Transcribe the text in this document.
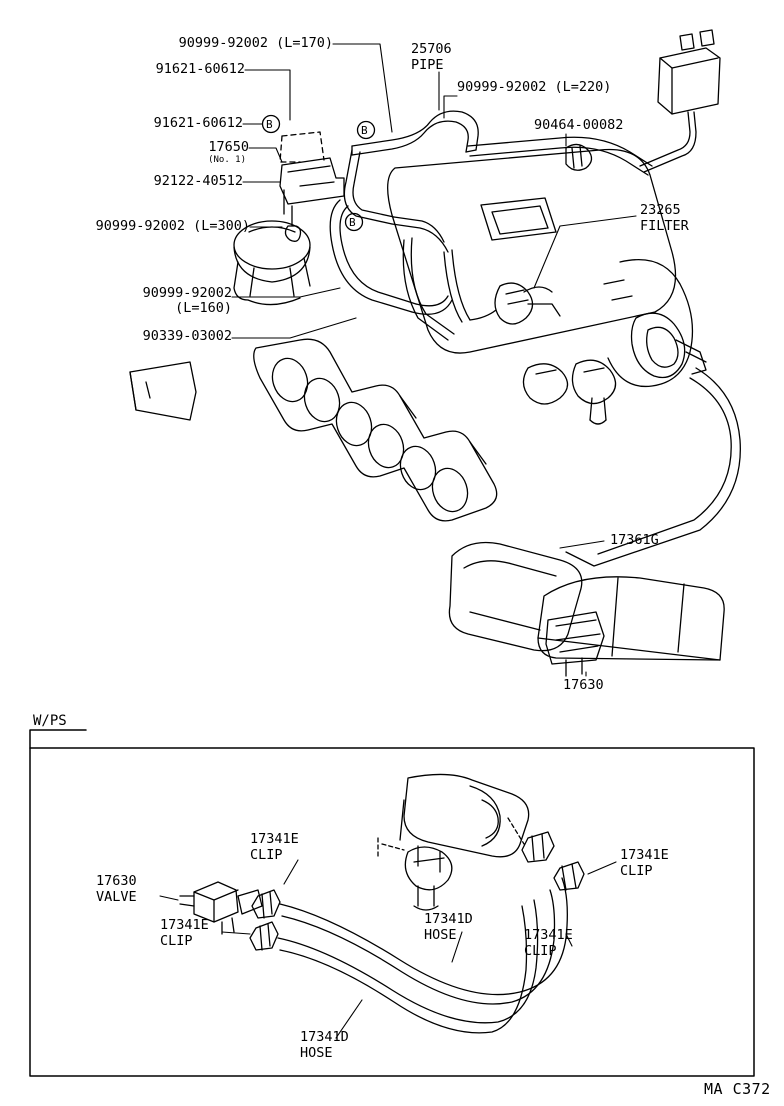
90999-92002 (L=170)
91621-60612
91621-60612
17650
(No. 1)
92122-40512
90999-92002 (L=300)
90999-92002
(L=160)
90339-03002
25706
PIPE
90999-92002 (L=220)
90464-00082
23265
FILTER
17361G
17630
B	B
B
W/PS
17341E
CLIP
17630
VALVE
17341E
CLIP
17341D
HOSE	17341E
CLIP
17341E
CLIP
17341D
HOSE
MA C372
